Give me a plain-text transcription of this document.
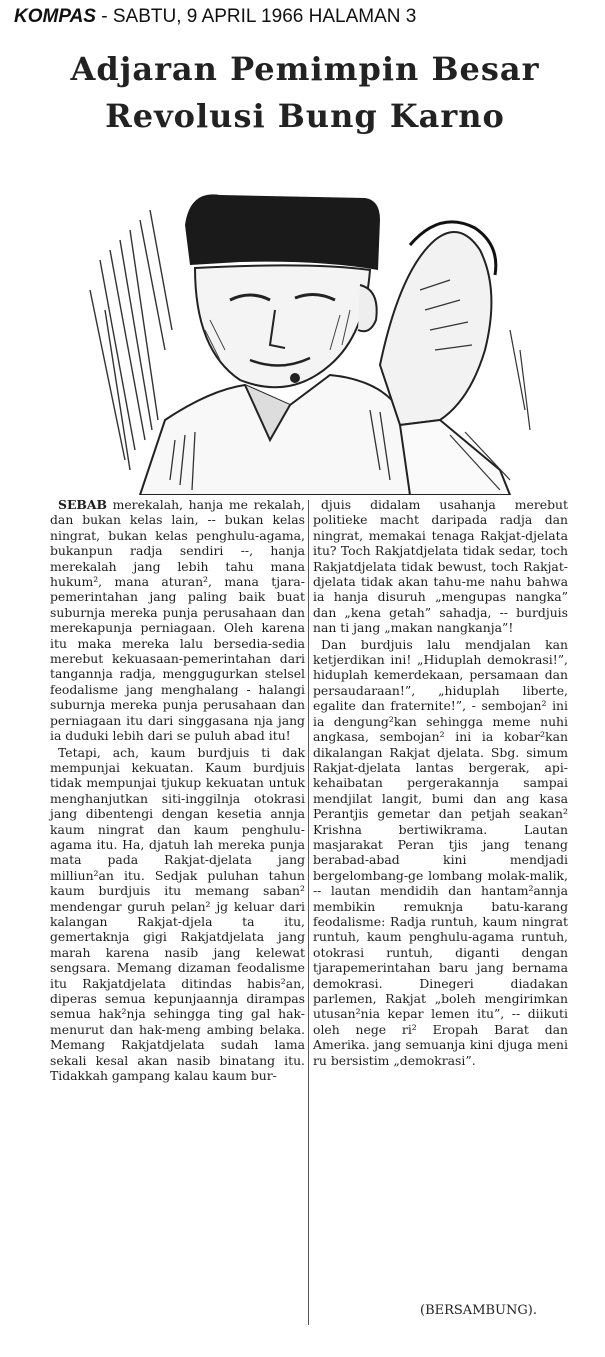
KOMPAS - SABTU, 9 APRIL 1966 HALAMAN 3
Adjaran Pemimpin Besar Revolusi Bung Karno

SEBAB merekalah, hanja me rekalah, dan bukan kelas lain, -- bukan kelas ningrat, bukan kelas penghulu-agama, bukanpun radja sendiri --, hanja merekalah jang lebih tahu mana hukum², mana aturan², mana tjara-pemerintahan jang paling baik buat suburnja mereka punja perusahaan dan merekapunja perniagaan. Oleh karena itu maka mereka lalu bersedia-sedia merebut kekuasaan-pemerintahan dari tangannja radja, menggugurkan stelsel feodalisme jang menghalang - halangi suburnja mereka punja perusahaan dan perniagaan itu dari singgasana nja jang ia duduki lebih dari se puluh abad itu!

Tetapi, ach, kaum burdjuis ti dak mempunjai kekuatan. Kaum burdjuis tidak mempunjai tjukup kekuatan untuk menghanjutkan siti-inggilnja otokrasi jang dibentengi dengan kesetia annja kaum ningrat dan kaum penghulu-agama itu. Ha, djatuh lah mereka punja mata pada Rakjat-djelata jang milliun²an itu. Sedjak puluhan tahun kaum burdjuis itu memang saban² mendengar guruh pelan² jg keluar dari kalangan Rakjat-djela ta itu, gemertaknja gigi Rakjatdjelata jang marah karena nasib jang kelewat sengsara. Memang dizaman feodalisme itu Rakjatdjelata ditindas habis²an, diperas semua kepunjaannja dirampas semua hak²nja sehingga ting gal hak-menurut dan hak-meng ambing belaka. Memang Rakjatdjelata sudah lama sekali kesal akan nasib binatang itu. Tidakkah gampang kalau kaum bur-

djuis didalam usahanja merebut politieke macht daripada radja dan ningrat, memakai tenaga Rakjat-djelata itu? Toch Rakjatdjelata tidak sedar, toch Rakjatdjelata tidak bewust, toch Rakjat-djelata tidak akan tahu-me nahu bahwa ia hanja disuruh „mengupas nangka” dan „kena getah” sahadja, -- burdjuis nan ti jang „makan nangkanja”!

Dan burdjuis lalu mendjalan kan ketjerdikan ini! „Hiduplah demokrasi!”, hiduplah kemerdekaan, persamaan dan persaudaraan!”, „hiduplah liberte, egalite dan fraternite!”, - sembojan² ini ia dengung²kan sehingga meme nuhi angkasa, sembojan² ini ia kobar²kan dikalangan Rakjat djelata. Sbg. simum Rakjat-djelata lantas bergerak, api-kehaibatan pergerakannja sampai mendjilat langit, bumi dan ang kasa Perantjis gemetar dan petjah seakan² Krishna bertiwikrama. Lautan masjarakat Peran tjis jang tenang berabad-abad kini mendjadi bergelombang-ge lombang molak-malik, -- lautan mendidih dan hantam²annja membikin remuknja batu-karang feodalisme: Radja runtuh, kaum ningrat runtuh, kaum penghulu-agama runtuh, otokrasi runtuh, diganti dengan tjarapemerintahan baru jang bernama demokrasi. Dinegeri diadakan parlemen, Rakjat „boleh mengirimkan utusan²nia kepar lemen itu”, -- diikuti oleh nege ri² Eropah Barat dan Amerika. jang semuanja kini djuga meni ru bersistim „demokrasi”.

(BERSAMBUNG).
